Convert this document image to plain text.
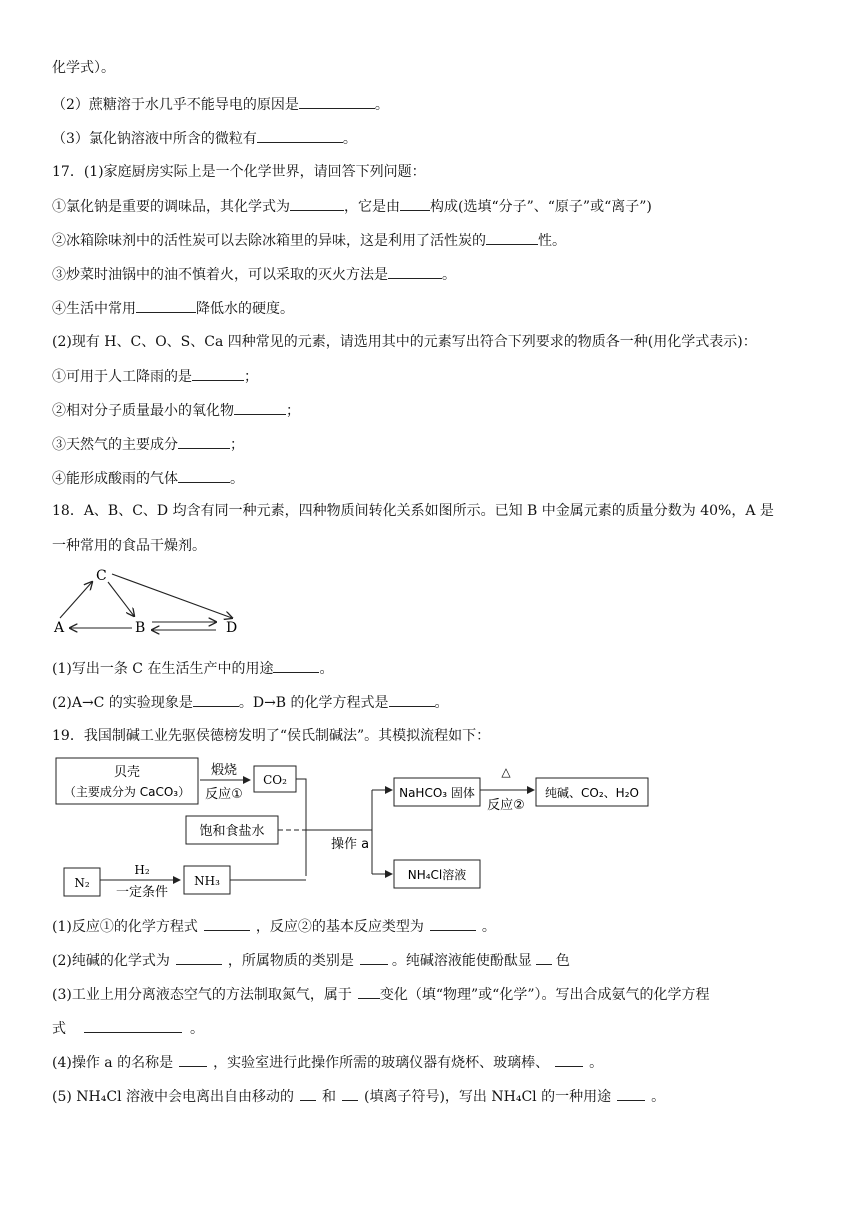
化学式）。
（2）蔗糖溶于水几乎不能导电的原因是	。
（3）氯化钠溶液中所含的微粒有	。
17．(1)家庭厨房实际上是一个化学世界，请回答下列问题：
①氯化钠是重要的调味品，其化学式为	，它是由 构成(选填“分子”、“原子”或“离子”)
②冰箱除味剂中的活性炭可以去除冰箱里的异味，这是利用了活性炭的	性。
③炒菜时油锅中的油不慎着火，可以采取的灭火方法是	。
④生活中常用	降低水的硬度。
(2)现有 H、C、O、S、Ca 四种常见的元素，请选用其中的元素写出符合下列要求的物质各一种(用化学式表示)：
①可用于人工降雨的是	；
②相对分子质量最小的氧化物	；
③天然气的主要成分	；
④能形成酸雨的气体	。
18．A、B、C、D 均含有同一种元素，四种物质间转化关系如图所示。已知 B 中金属元素的质量分数为 40%，A 是
一种常用的食品干燥剂。
C
A	B	D
(1)写出一条 C 在生活生产中的用途	。
(2)A→C 的实验现象是	。D→B 的化学方程式是	。
19．我国制碱工业先驱侯德榜发明了“侯氏制碱法”。其模拟流程如下：
贝壳
（主要成分为 CaCO₃）
煅烧
反应①
CO₂
饱和食盐水
操作 a
N₂
H₂
一定条件
NH₃
NaHCO₃ 固体
△
反应②
纯碱、CO₂、H₂O
NH₄Cl溶液
(1)反应①的化学方程式	，反应②的基本反应类型为	。
(2)纯碱的化学式为	，所属物质的类别是	。纯碱溶液能使酚酞显 色
(3)工业上用分离液态空气的方法制取氮气，属于 变化（填“物理”或“化学”）。写出合成氨气的化学方程
式	。
(4)操作 a 的名称是	，实验室进行此操作所需的玻璃仪器有烧杯、玻璃棒、	。
(5) NH₄Cl 溶液中会电离出自由移动的 和 (填离子符号)，写出 NH₄Cl 的一种用途	。
